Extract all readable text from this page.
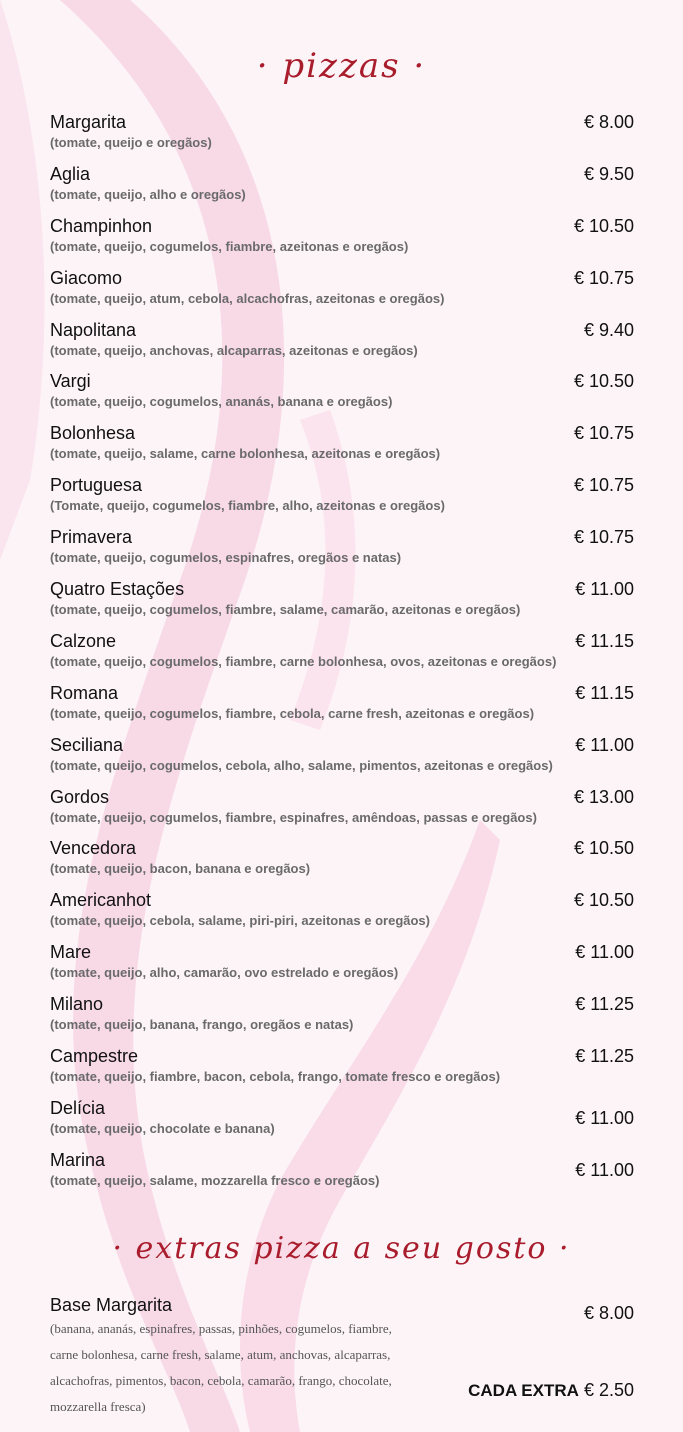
· pizzas ·
Margarita
(tomate, queijo e oregãos)
€ 8.00
Aglia
(tomate, queijo, alho e oregãos)
€ 9.50
Champinhon
(tomate, queijo, cogumelos, fiambre, azeitonas e oregãos)
€ 10.50
Giacomo
(tomate, queijo, atum, cebola, alcachofras, azeitonas e oregãos)
€ 10.75
Napolitana
(tomate, queijo, anchovas, alcaparras, azeitonas e oregãos)
€ 9.40
Vargi
(tomate, queijo, cogumelos, ananás, banana e oregãos)
€ 10.50
Bolonhesa
(tomate, queijo, salame, carne bolonhesa, azeitonas e oregãos)
€ 10.75
Portuguesa
(Tomate, queijo, cogumelos, fiambre, alho, azeitonas e oregãos)
€ 10.75
Primavera
(tomate, queijo, cogumelos, espinafres, oregãos e natas)
€ 10.75
Quatro Estações
(tomate, queijo, cogumelos, fiambre, salame, camarão, azeitonas e oregãos)
€ 11.00
Calzone
(tomate, queijo, cogumelos, fiambre, carne bolonhesa, ovos, azeitonas e oregãos)
€ 11.15
Romana
(tomate, queijo, cogumelos, fiambre, cebola, carne fresh, azeitonas e oregãos)
€ 11.15
Seciliana
(tomate, queijo, cogumelos, cebola, alho, salame, pimentos, azeitonas e oregãos)
€ 11.00
Gordos
(tomate, queijo, cogumelos, fiambre, espinafres, amêndoas, passas e oregãos)
€ 13.00
Vencedora
(tomate, queijo, bacon, banana e oregãos)
€ 10.50
Americanhot
(tomate, queijo, cebola, salame, piri-piri, azeitonas e oregãos)
€ 10.50
Mare
(tomate, queijo, alho, camarão, ovo estrelado e oregãos)
€ 11.00
Milano
(tomate, queijo, banana, frango, oregãos e natas)
€ 11.25
Campestre
(tomate, queijo, fiambre, bacon, cebola, frango, tomate fresco e oregãos)
€ 11.25
Delícia
(tomate, queijo, chocolate e banana)
€ 11.00
Marina
(tomate, queijo, salame, mozzarella fresco e oregãos)
€ 11.00
· extras pizza a seu gosto ·
Base Margarita
(banana, ananás, espinafres, passas, pinhões, cogumelos, fiambre, carne bolonhesa, carne fresh, salame, atum, anchovas, alcaparras, alcachofras, pimentos, bacon, cebola, camarão, frango, chocolate, mozzarella fresca)
€ 8.00
CADA EXTRA € 2.50
